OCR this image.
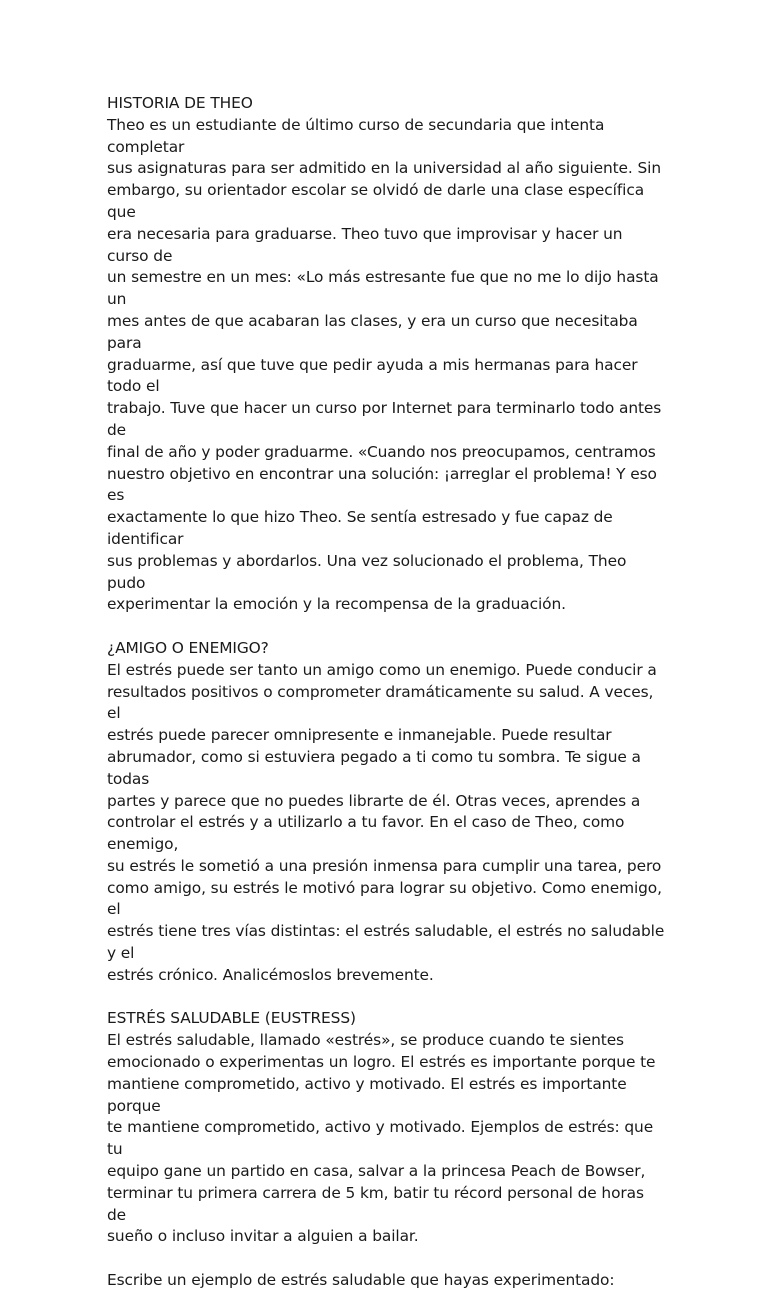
HISTORIA DE THEO
Theo es un estudiante de último curso de secundaria que intenta completar
sus asignaturas para ser admitido en la universidad al año siguiente. Sin
embargo, su orientador escolar se olvidó de darle una clase específica que
era necesaria para graduarse. Theo tuvo que improvisar y hacer un curso de
un semestre en un mes: «Lo más estresante fue que no me lo dijo hasta un
mes antes de que acabaran las clases, y era un curso que necesitaba para
graduarme, así que tuve que pedir ayuda a mis hermanas para hacer todo el
trabajo. Tuve que hacer un curso por Internet para terminarlo todo antes de
final de año y poder graduarme. «Cuando nos preocupamos, centramos
nuestro objetivo en encontrar una solución: ¡arreglar el problema! Y eso es
exactamente lo que hizo Theo. Se sentía estresado y fue capaz de identificar
sus problemas y abordarlos. Una vez solucionado el problema, Theo pudo
experimentar la emoción y la recompensa de la graduación.
¿AMIGO O ENEMIGO?
El estrés puede ser tanto un amigo como un enemigo. Puede conducir a
resultados positivos o comprometer dramáticamente su salud. A veces, el
estrés puede parecer omnipresente e inmanejable. Puede resultar
abrumador, como si estuviera pegado a ti como tu sombra. Te sigue a todas
partes y parece que no puedes librarte de él. Otras veces, aprendes a
controlar el estrés y a utilizarlo a tu favor. En el caso de Theo, como enemigo,
su estrés le sometió a una presión inmensa para cumplir una tarea, pero
como amigo, su estrés le motivó para lograr su objetivo. Como enemigo, el
estrés tiene tres vías distintas: el estrés saludable, el estrés no saludable y el
estrés crónico. Analicémoslos brevemente.
ESTRÉS SALUDABLE (EUSTRESS)
El estrés saludable, llamado «estrés», se produce cuando te sientes
emocionado o experimentas un logro. El estrés es importante porque te
mantiene comprometido, activo y motivado. El estrés es importante porque
te mantiene comprometido, activo y motivado. Ejemplos de estrés: que tu
equipo gane un partido en casa, salvar a la princesa Peach de Bowser,
terminar tu primera carrera de 5 km, batir tu récord personal de horas de
sueño o incluso invitar a alguien a bailar.
Escribe un ejemplo de estrés saludable que hayas experimentado:
